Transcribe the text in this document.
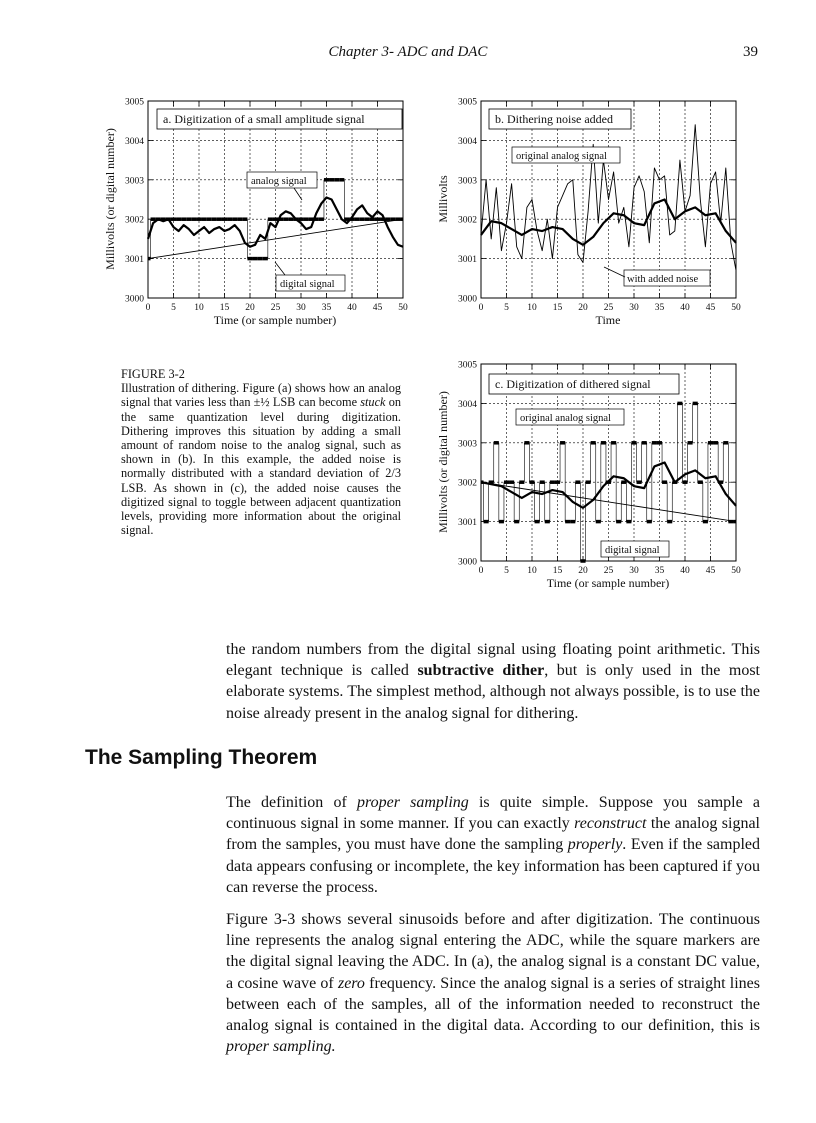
Chapter 3- ADC and DAC	39
0 5 10 15 20 25 30 35 40 45 50
3000
3001
3002
3003
3004
3005
a. Digitization of a small amplitude signal
analog signal
digital signal
Time (or sample number)
Millivolts (or digital number)
0 5 10 15 20 25 30 35 40 45 50
3000
3001
3002
3003
3004
3005
b. Dithering noise added
original analog signal
with added noise
Time
Millivolts
0 5 10 15 20 25 30 35 40 45 50
3000
3001
3002
3003
3004
3005
c. Digitization of dithered signal
original analog signal
digital signal
Time (or sample number)
Millivolts (or digital number)
FIGURE 3-2
Illustration of dithering. Figure (a) shows how an analog signal that varies less than ±½ LSB can become stuck on the same quantization level during digitization. Dithering improves this situation by adding a small amount of random noise to the analog signal, such as shown in (b). In this example, the added noise is normally distributed with a standard deviation of 2/3 LSB. As shown in (c), the added noise causes the digitized signal to toggle between adjacent quantization levels, providing more information about the original signal.
the random numbers from the digital signal using floating point arithmetic. This elegant technique is called subtractive dither, but is only used in the most elaborate systems. The simplest method, although not always possible, is to use the noise already present in the analog signal for dithering.
The Sampling Theorem
The definition of proper sampling is quite simple. Suppose you sample a continuous signal in some manner. If you can exactly reconstruct the analog signal from the samples, you must have done the sampling properly. Even if the sampled data appears confusing or incomplete, the key information has been captured if you can reverse the process.
Figure 3-3 shows several sinusoids before and after digitization. The continuous line represents the analog signal entering the ADC, while the square markers are the digital signal leaving the ADC. In (a), the analog signal is a constant DC value, a cosine wave of zero frequency. Since the analog signal is a series of straight lines between each of the samples, all of the information needed to reconstruct the analog signal is contained in the digital data. According to our definition, this is proper sampling.
